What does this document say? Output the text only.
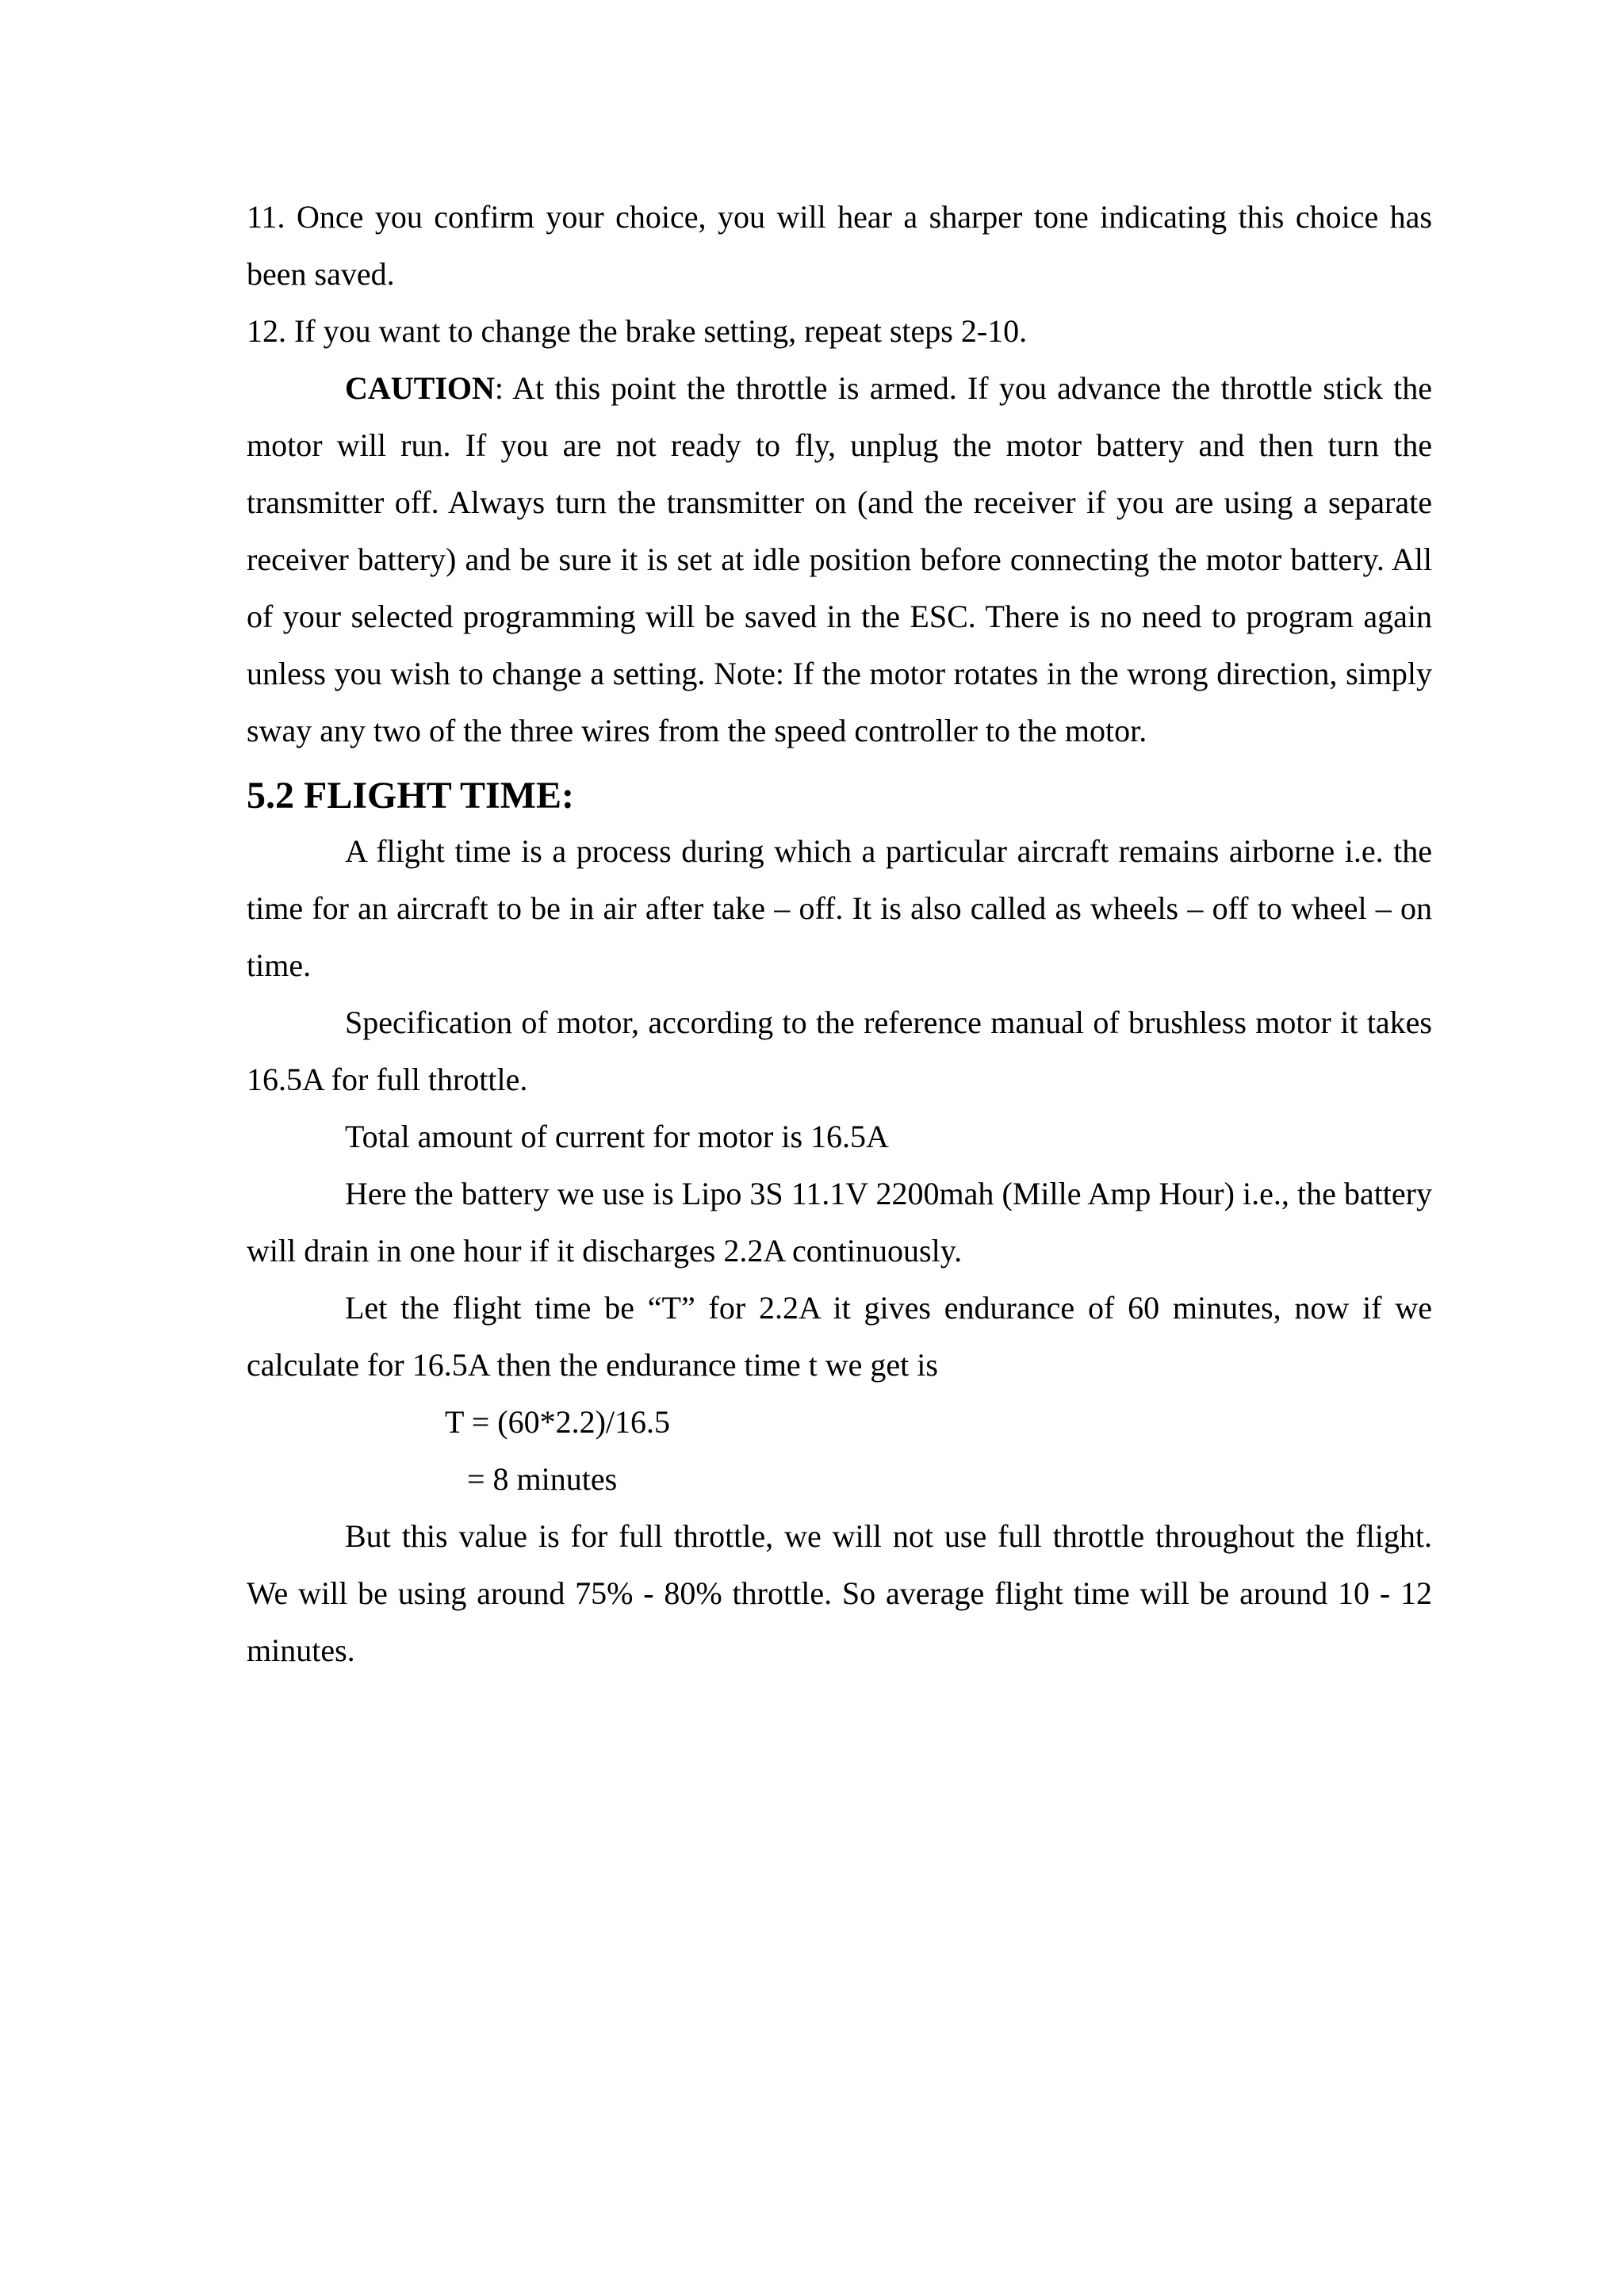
11. Once you confirm your choice, you will hear a sharper tone indicating this choice has been saved.

12. If you want to change the brake setting, repeat steps 2-10.

CAUTION: At this point the throttle is armed. If you advance the throttle stick the motor will run. If you are not ready to fly, unplug the motor battery and then turn the transmitter off. Always turn the transmitter on (and the receiver if you are using a separate receiver battery) and be sure it is set at idle position before connecting the motor battery. All of your selected programming will be saved in the ESC. There is no need to program again unless you wish to change a setting. Note: If the motor rotates in the wrong direction, simply sway any two of the three wires from the speed controller to the motor.

5.2 FLIGHT TIME:

A flight time is a process during which a particular aircraft remains airborne i.e. the time for an aircraft to be in air after take – off. It is also called as wheels – off to wheel – on time.

Specification of motor, according to the reference manual of brushless motor it takes 16.5A for full throttle.

Total amount of current for motor is 16.5A

Here the battery we use is Lipo 3S 11.1V 2200mah (Mille Amp Hour) i.e., the battery will drain in one hour if it discharges 2.2A continuously.

Let the flight time be “T” for 2.2A it gives endurance of 60 minutes, now if we calculate for 16.5A then the endurance time t we get is

T = (60*2.2)/16.5

= 8 minutes

But this value is for full throttle, we will not use full throttle throughout the flight. We will be using around 75% - 80% throttle. So average flight time will be around 10 - 12 minutes.
